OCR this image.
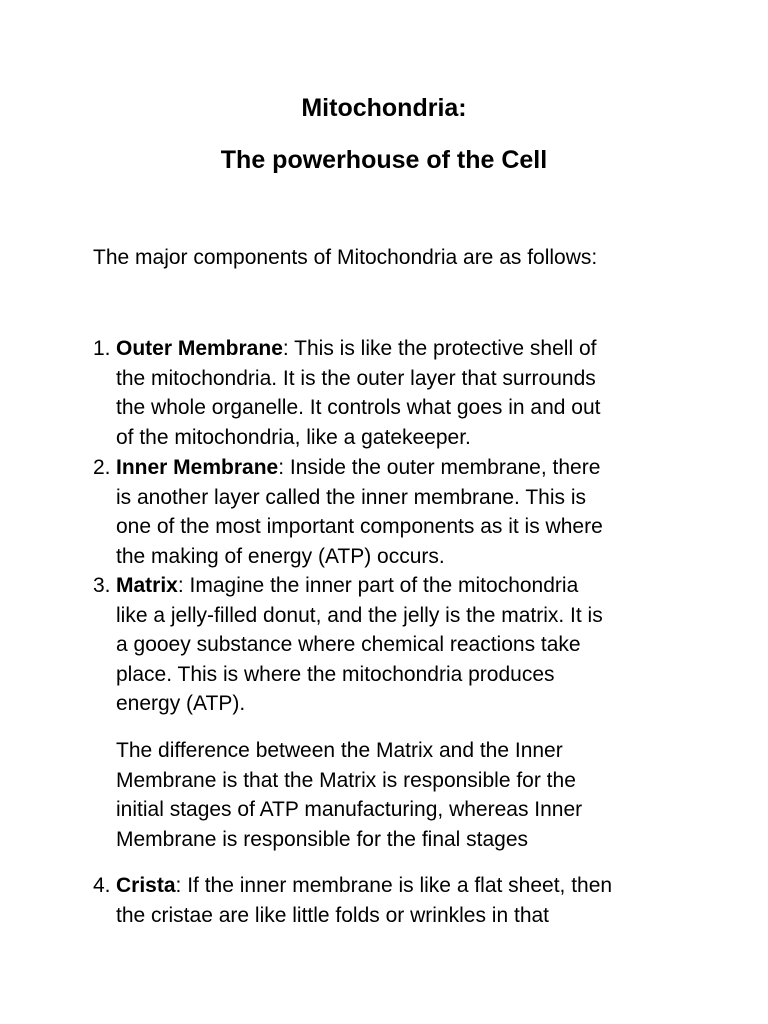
Mitochondria:
The powerhouse of the Cell
The major components of Mitochondria are as follows:
1. Outer Membrane: This is like the protective shell of
the mitochondria. It is the outer layer that surrounds
the whole organelle. It controls what goes in and out
of the mitochondria, like a gatekeeper.
2. Inner Membrane: Inside the outer membrane, there
is another layer called the inner membrane. This is
one of the most important components as it is where
the making of energy (ATP) occurs.
3. Matrix: Imagine the inner part of the mitochondria
like a jelly-filled donut, and the jelly is the matrix. It is
a gooey substance where chemical reactions take
place. This is where the mitochondria produces
energy (ATP).
The difference between the Matrix and the Inner
Membrane is that the Matrix is responsible for the
initial stages of ATP manufacturing, whereas Inner
Membrane is responsible for the final stages
4. Crista: If the inner membrane is like a flat sheet, then
the cristae are like little folds or wrinkles in that
